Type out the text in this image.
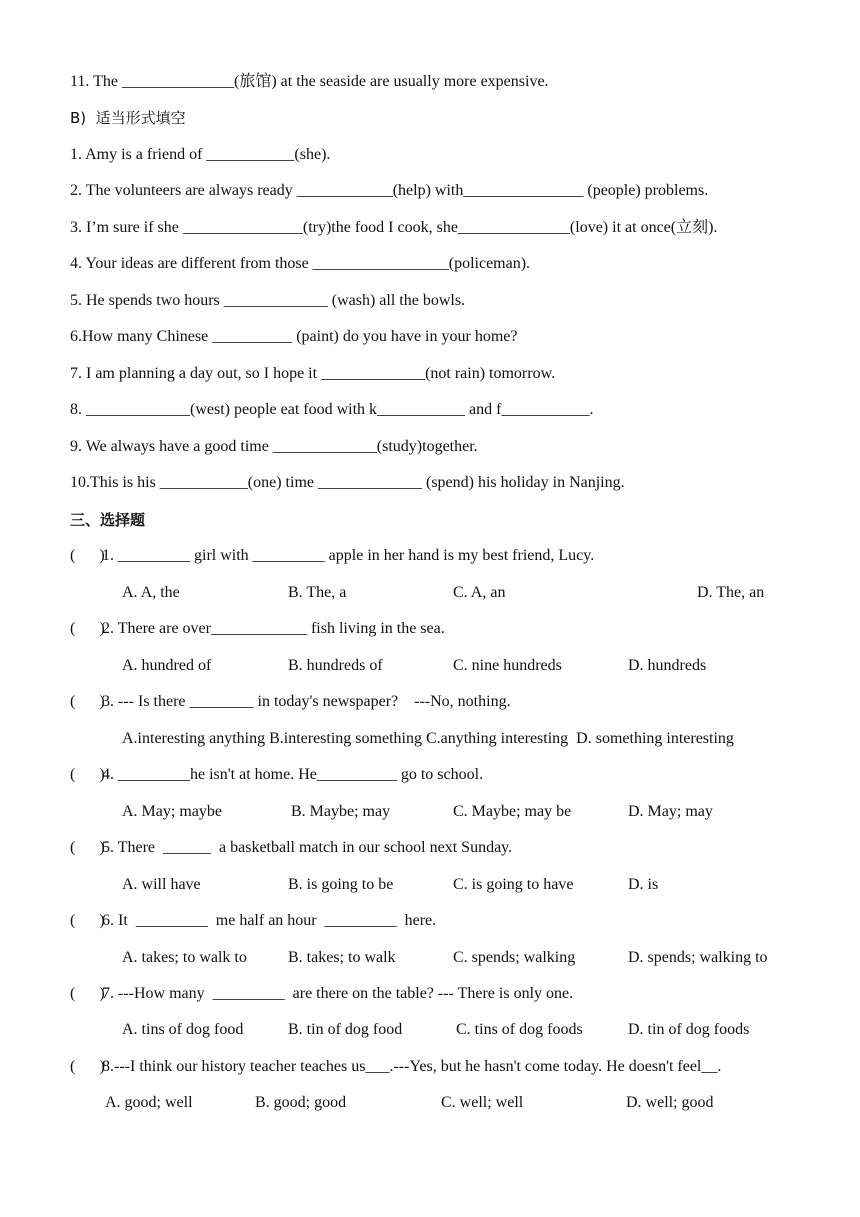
11. The ______________(旅馆) at the seaside are usually more expensive.
B)  适当形式填空
1. Amy is a friend of ___________(she).
2. The volunteers are always ready ____________(help) with_______________ (people) problems.
3. I’m sure if she _______________(try)the food I cook, she______________(love) it at once(立刻).
4. Your ideas are different from those _________________(policeman).
5. He spends two hours _____________ (wash) all the bowls.
6.How many Chinese __________ (paint) do you have in your home?
7. I am planning a day out, so I hope it _____________(not rain) tomorrow.
8. _____________(west) people eat food with k___________ and f___________.
9. We always have a good time _____________(study)together.
10.This is his ___________(one) time _____________ (spend) his holiday in Nanjing.
三、选择题
(      )
1. _________ girl with _________ apple in her hand is my best friend, Lucy.
A. A, the	B. The, a	C. A, an	D. The, an
(      )
2. There are over____________ fish living in the sea.
A. hundred of	B. hundreds of	C. nine hundreds	D. hundreds
(      )
3. --- Is there ________ in today's newspaper?    ---No, nothing.
A.interesting anything B.interesting something C.anything interesting  D. something interesting
(      )
4. _________he isn't at home. He__________ go to school.
A. May; maybe	B. Maybe; may	C. Maybe; may be	D. May; may
(      )
5. There  ______  a basketball match in our school next Sunday.
A. will have	B. is going to be	C. is going to have	D. is
(      )
6. It  _________  me half an hour  _________  here.
A. takes; to walk to	B. takes; to walk	C. spends; walking	D. spends; walking to
(      )
7. ---How many  _________  are there on the table? --- There is only one.
A. tins of dog food	B. tin of dog food	C. tins of dog foods	D. tin of dog foods
(      )
8.---I think our history teacher teaches us___.---Yes, but he hasn't come today. He doesn't feel__.
A. good; well	B. good; good	C. well; well	D. well; good
